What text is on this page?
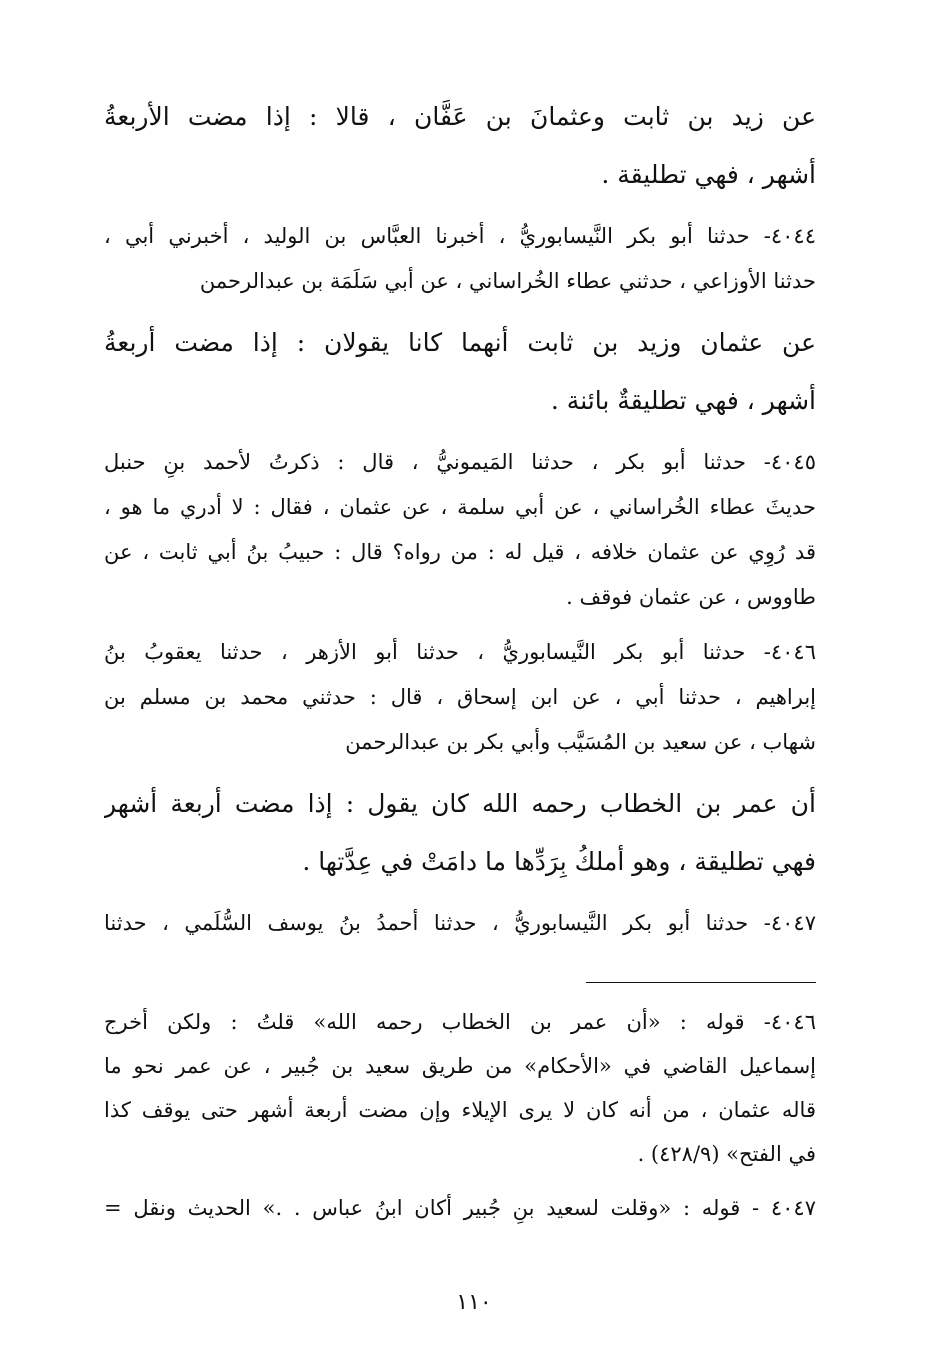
عن زيد بن ثابت وعثمانَ بن عَفَّان ، قالا : إذا مضت الأربعةُ
أشهر ، فهي تطليقة .
٤٠٤٤- حدثنا أبو بكر النَّيسابوريُّ ، أخبرنا العبَّاس بن الوليد ، أخبرني أبي ،
حدثنا الأوزاعي ، حدثني عطاء الخُراساني ، عن أبي سَلَمَة بن عبدالرحمن
عن عثمان وزيد بن ثابت أنهما كانا يقولان : إذا مضت أربعةُ
أشهر ، فهي تطليقةٌ بائنة .
٤٠٤٥- حدثنا أبو بكر ، حدثنا المَيمونيُّ ، قال : ذكرتُ لأحمد بنِ حنبل
حديثَ عطاء الخُراساني ، عن أبي سلمة ، عن عثمان ، فقال : لا أدري ما هو ،
قد رُوِي عن عثمان خلافه ، قيل له : من رواه؟ قال : حبيبُ بنُ أبي ثابت ، عن
طاووس ، عن عثمان فوقف .
٤٠٤٦- حدثنا أبو بكر النَّيسابوريُّ ، حدثنا أبو الأزهر ، حدثنا يعقوبُ بنُ
إبراهيم ، حدثنا أبي ، عن ابن إسحاق ، قال : حدثني محمد بن مسلم بن
شهاب ، عن سعيد بن المُسَيَّب وأبي بكر بن عبدالرحمن
أن عمر بن الخطاب رحمه الله كان يقول : إذا مضت أربعة أشهر
فهي تطليقة ، وهو أملكُ بِرَدِّها ما دامَتْ في عِدَّتها .
٤٠٤٧- حدثنا أبو بكر النَّيسابوريُّ ، حدثنا أحمدُ بنُ يوسف السُّلَمي ، حدثنا
٤٠٤٦- قوله : «أن عمر بن الخطاب رحمه الله» قلتُ : ولكن أخرج
إسماعيل القاضي في «الأحكام» من طريق سعيد بن جُبير ، عن عمر نحو ما
قاله عثمان ، من أنه كان لا يرى الإيلاء وإن مضت أربعة أشهر حتى يوقف كذا
في الفتح» (٤٢٨/٩) .
٤٠٤٧ - قوله : «وقلت لسعيد بنِ جُبير أكان ابنُ عباس . .» الحديث ونقل =
١١٠
